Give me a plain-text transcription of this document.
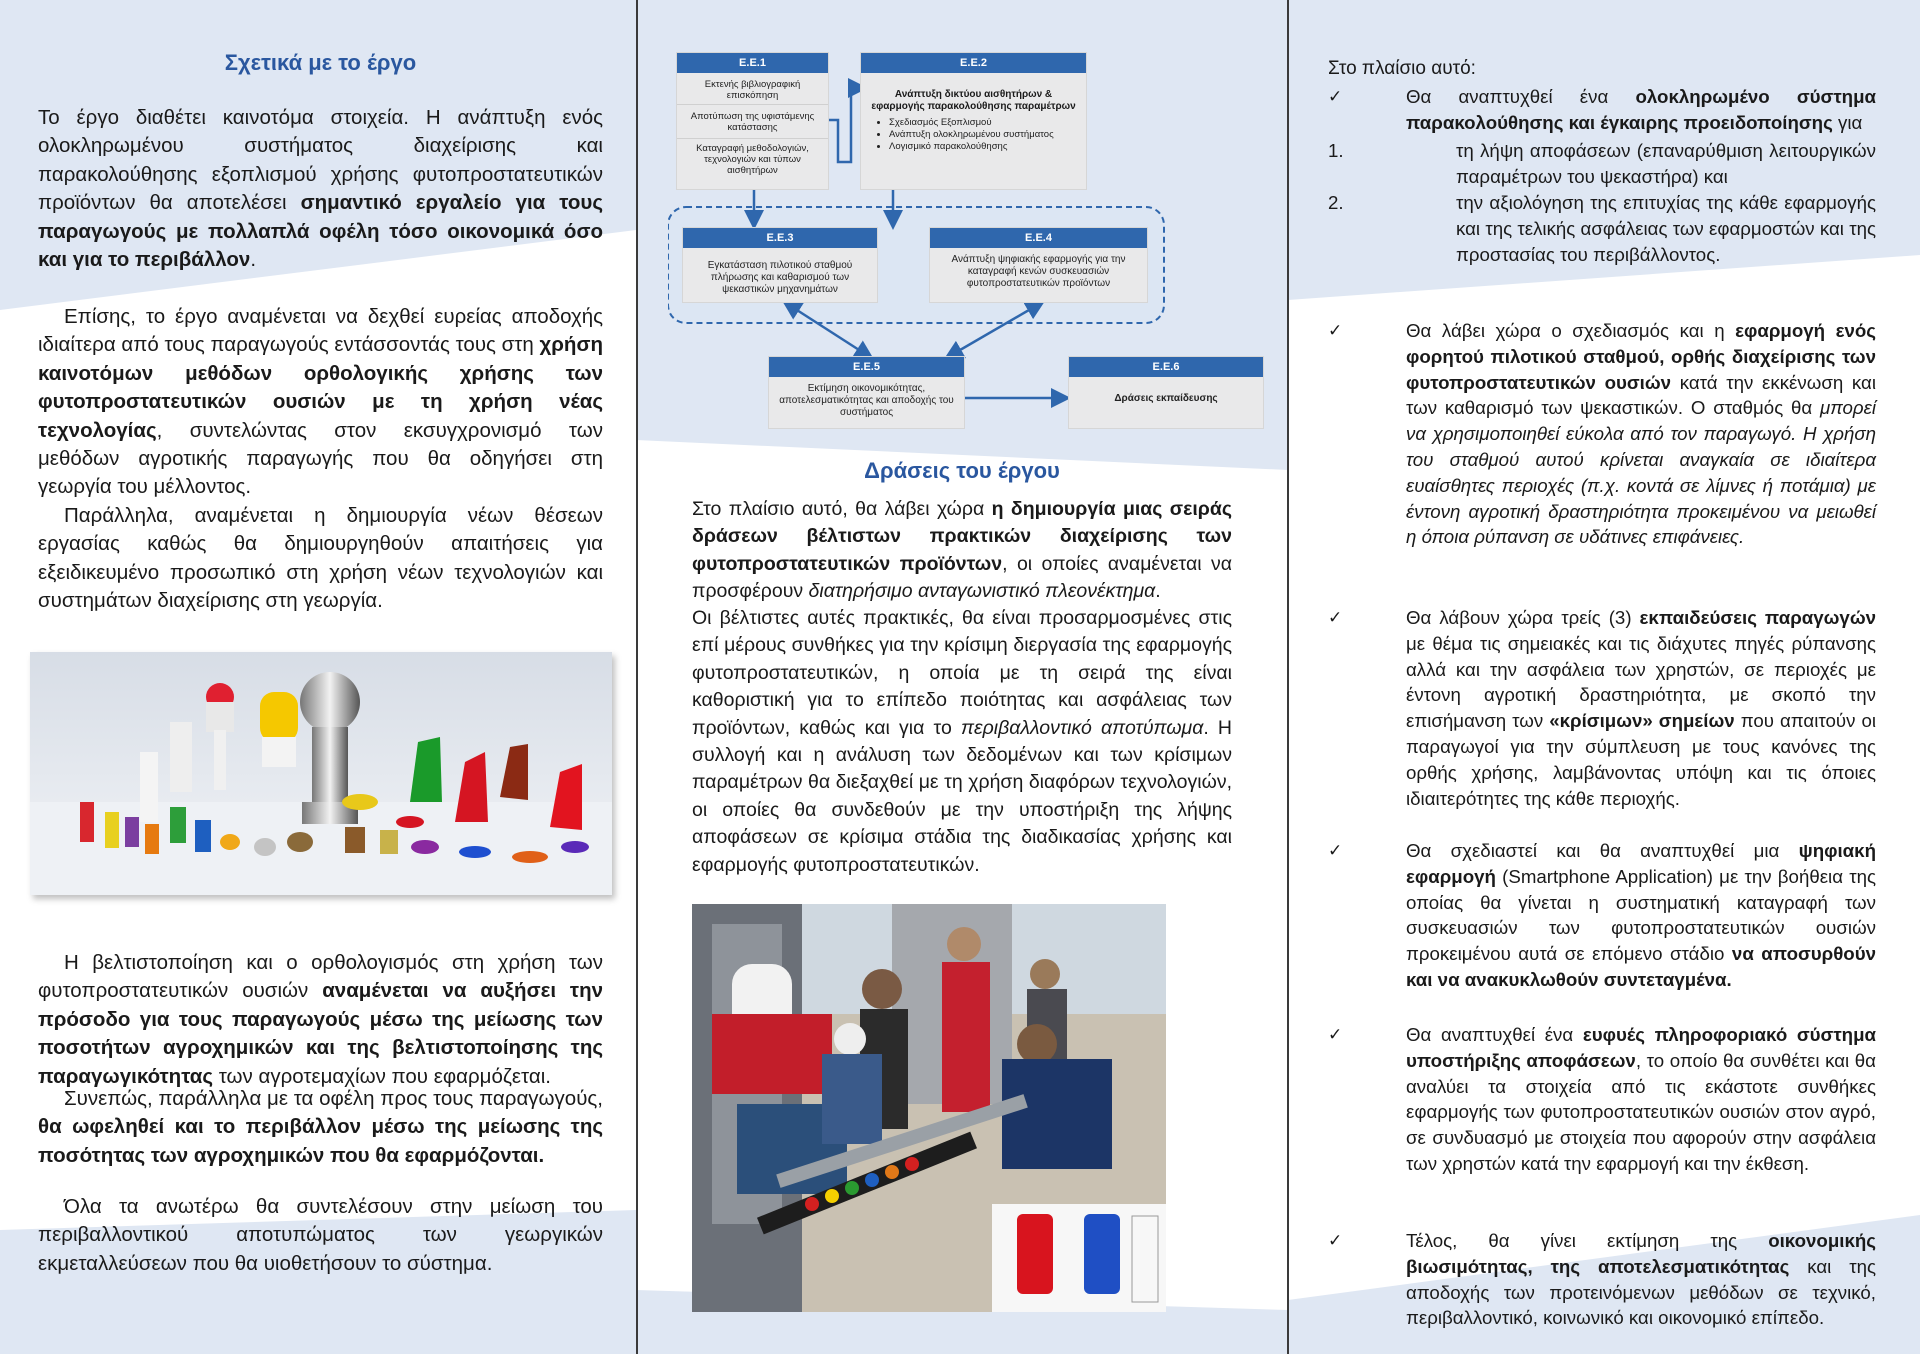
Σχετικά με το έργο
Το έργο διαθέτει καινοτόμα στοιχεία. Η ανάπτυξη ενός ολοκληρωμένου συστήματος διαχείρισης και παρακολούθησης εξοπλισμού χρήσης φυτοπροστατευτικών προϊόντων θα αποτελέσει σημαντικό εργαλείο για τους παραγωγούς με πολλαπλά οφέλη τόσο οικονομικά όσο και για το περιβάλλον.
Επίσης, το έργο αναμένεται να δεχθεί ευρείας αποδοχής ιδιαίτερα από τους παραγωγούς εντάσσοντάς τους στη χρήση καινοτόμων μεθόδων ορθολογικής χρήσης των φυτοπροστατευτικών ουσιών με τη χρήση νέας τεχνολογίας, συντελώντας στον εκσυγχρονισμό των μεθόδων αγροτικής παραγωγής που θα οδηγήσει στη γεωργία του μέλλοντος.
Παράλληλα, αναμένεται η δημιουργία νέων θέσεων εργασίας καθώς θα δημιουργηθούν απαιτήσεις για εξειδικευμένο προσωπικό στη χρήση νέων τεχνολογιών και συστημάτων διαχείρισης στη γεωργία.
Η βελτιστοποίηση και ο ορθολογισμός στη χρήση των φυτοπροστατευτικών ουσιών αναμένεται να αυξήσει την πρόσοδο για τους παραγωγούς μέσω της μείωσης των ποσοτήτων αγροχημικών και της βελτιστοποίησης της παραγωγικότητας των αγροτεμαχίων που εφαρμόζεται.
Συνεπώς, παράλληλα με τα οφέλη προς τους παραγωγούς, θα ωφεληθεί και το περιβάλλον μέσω της μείωσης της ποσότητας των αγροχημικών που θα εφαρμόζονται.
Όλα τα ανωτέρω θα συντελέσουν στην μείωση του περιβαλλοντικού αποτυπώματος των γεωργικών εκμεταλλεύσεων που θα υιοθετήσουν το σύστημα.
Ε.Ε.1
Εκτενής βιβλιογραφική επισκόπηση
Αποτύπωση της υφιστάμενης κατάστασης
Καταγραφή μεθοδολογιών, τεχνολογιών και τύπων αισθητήρων
Ε.Ε.2
Ανάπτυξη δικτύου αισθητήρων & εφαρμογής παρακολούθησης παραμέτρων
• Σχεδιασμός Εξοπλισμού
• Ανάπτυξη ολοκληρωμένου συστήματος
• Λογισμικό παρακολούθησης
Ε.Ε.3
Εγκατάσταση πιλοτικού σταθμού πλήρωσης και καθαρισμού των ψεκαστικών μηχανημάτων
Ε.Ε.4
Ανάπτυξη ψηφιακής εφαρμογής για την καταγραφή κενών συσκευασιών φυτοπροστατευτικών προϊόντων
Ε.Ε.5
Εκτίμηση οικονομικότητας, αποτελεσματικότητας και αποδοχής του συστήματος
Ε.Ε.6
Δράσεις εκπαίδευσης
Δράσεις του έργου
Στο πλαίσιο αυτό, θα λάβει χώρα η δημιουργία μιας σειράς δράσεων βέλτιστων πρακτικών διαχείρισης των φυτοπροστατευτικών προϊόντων, οι οποίες αναμένεται να προσφέρουν διατηρήσιμο ανταγωνιστικό πλεονέκτημα.
Οι βέλτιστες αυτές πρακτικές, θα είναι προσαρμοσμένες στις επί μέρους συνθήκες για την κρίσιμη διεργασία της εφαρμογής φυτοπροστατευτικών, η οποία με τη σειρά της είναι καθοριστική για το επίπεδο ποιότητας και ασφάλειας των προϊόντων, καθώς και για το περιβαλλοντικό αποτύπωμα. Η συλλογή και η ανάλυση των δεδομένων και των κρίσιμων παραμέτρων θα διεξαχθεί με τη χρήση διαφόρων τεχνολογιών, οι οποίες θα συνδεθούν με την υποστήριξη της λήψης αποφάσεων σε κρίσιμα στάδια της διαδικασίας χρήσης και εφαρμογής φυτοπροστατευτικών.
Στο πλαίσιο αυτό:
✓	Θα αναπτυχθεί ένα ολοκληρωμένο σύστημα παρακολούθησης και έγκαιρης προειδοποίησης για
1.	τη λήψη αποφάσεων (επαναρύθμιση λειτουργικών παραμέτρων του ψεκαστήρα) και
2.	την αξιολόγηση της επιτυχίας της κάθε εφαρμογής και της τελικής ασφάλειας των εφαρμοστών και της προστασίας του περιβάλλοντος.
✓	Θα λάβει χώρα ο σχεδιασμός και η εφαρμογή ενός φορητού πιλοτικού σταθμού, ορθής διαχείρισης των φυτοπροστατευτικών ουσιών κατά την εκκένωση και των καθαρισμό των ψεκαστικών. Ο σταθμός θα μπορεί να χρησιμοποιηθεί εύκολα από τον παραγωγό. Η χρήση του σταθμού αυτού κρίνεται αναγκαία σε ιδιαίτερα ευαίσθητες περιοχές (π.χ. κοντά σε λίμνες ή ποτάμια) με έντονη αγροτική δραστηριότητα προκειμένου να μειωθεί η όποια ρύπανση σε υδάτινες επιφάνειες.
✓	Θα λάβουν χώρα τρείς (3) εκπαιδεύσεις παραγωγών με θέμα τις σημειακές και τις διάχυτες πηγές ρύπανσης αλλά και την ασφάλεια των χρηστών, σε περιοχές με έντονη αγροτική δραστηριότητα, με σκοπό την επισήμανση των «κρίσιμων» σημείων που απαιτούν οι παραγωγοί για την σύμπλευση με τους κανόνες της ορθής χρήσης, λαμβάνοντας υπόψη και τις όποιες ιδιαιτερότητες της κάθε περιοχής.
✓	Θα σχεδιαστεί και θα αναπτυχθεί μια ψηφιακή εφαρμογή (Smartphone Application) με την βοήθεια της οποίας θα γίνεται η συστηματική καταγραφή των συσκευασιών των φυτοπροστατευτικών ουσιών προκειμένου αυτά σε επόμενο στάδιο να αποσυρθούν και να ανακυκλωθούν συντεταγμένα.
✓	Θα αναπτυχθεί ένα ευφυές πληροφοριακό σύστημα υποστήριξης αποφάσεων, το οποίο θα συνθέτει και θα αναλύει τα στοιχεία από τις εκάστοτε συνθήκες εφαρμογής των φυτοπροστατευτικών ουσιών στον αγρό, σε συνδυασμό με στοιχεία που αφορούν στην ασφάλεια των χρηστών κατά την εφαρμογή και την έκθεση.
✓	Τέλος, θα γίνει εκτίμηση της οικονομικής βιωσιμότητας, της αποτελεσματικότητας και της αποδοχής των προτεινόμενων μεθόδων σε τεχνικό, περιβαλλοντικό, κοινωνικό και οικονομικό επίπεδο.
